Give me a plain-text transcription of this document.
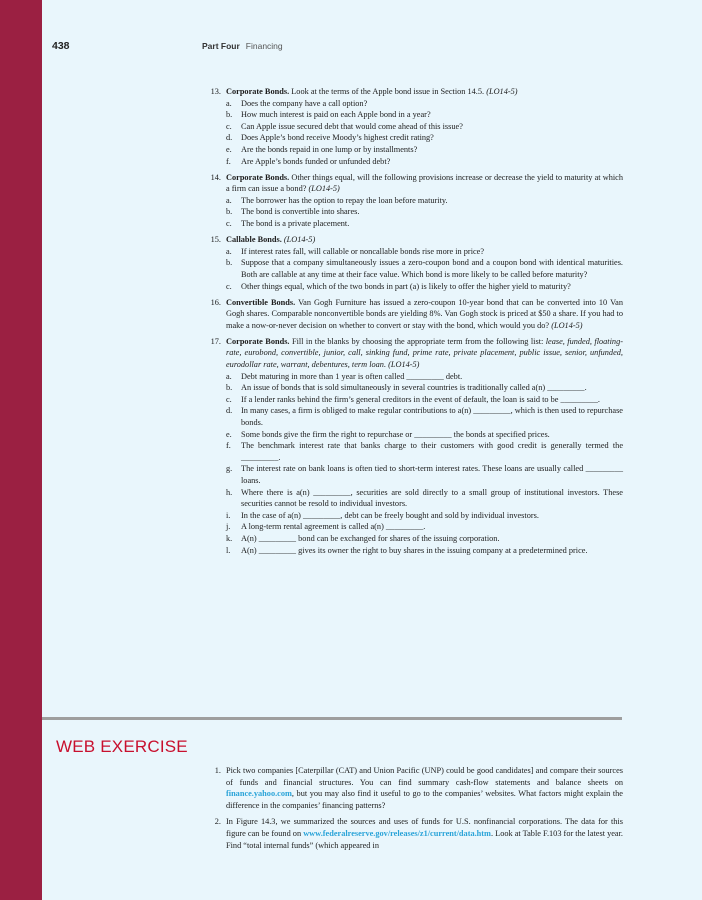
438	Part Four Financing
13. Corporate Bonds. Look at the terms of the Apple bond issue in Section 14.5. (LO14-5)
a. Does the company have a call option?
b. How much interest is paid on each Apple bond in a year?
c. Can Apple issue secured debt that would come ahead of this issue?
d. Does Apple’s bond receive Moody’s highest credit rating?
e. Are the bonds repaid in one lump or by installments?
f. Are Apple’s bonds funded or unfunded debt?
14. Corporate Bonds. Other things equal, will the following provisions increase or decrease the yield to maturity at which a firm can issue a bond? (LO14-5)
a. The borrower has the option to repay the loan before maturity.
b. The bond is convertible into shares.
c. The bond is a private placement.
15. Callable Bonds. (LO14-5)
a. If interest rates fall, will callable or noncallable bonds rise more in price?
b. Suppose that a company simultaneously issues a zero-coupon bond and a coupon bond with identical maturities. Both are callable at any time at their face value. Which bond is more likely to be called before maturity?
c. Other things equal, which of the two bonds in part (a) is likely to offer the higher yield to maturity?
16. Convertible Bonds. Van Gogh Furniture has issued a zero-coupon 10-year bond that can be converted into 10 Van Gogh shares. Comparable nonconvertible bonds are yielding 8%. Van Gogh stock is priced at $50 a share. If you had to make a now-or-never decision on whether to convert or stay with the bond, which would you do? (LO14-5)
17. Corporate Bonds. Fill in the blanks by choosing the appropriate term from the following list: lease, funded, floating-rate, eurobond, convertible, junior, call, sinking fund, prime rate, private placement, public issue, senior, unfunded, eurodollar rate, warrant, debentures, term loan. (LO14-5)
a. Debt maturing in more than 1 year is often called _________ debt.
b. An issue of bonds that is sold simultaneously in several countries is traditionally called a(n) _________.
c. If a lender ranks behind the firm’s general creditors in the event of default, the loan is said to be _________.
d. In many cases, a firm is obliged to make regular contributions to a(n) _________, which is then used to repurchase bonds.
e. Some bonds give the firm the right to repurchase or _________ the bonds at specified prices.
f. The benchmark interest rate that banks charge to their customers with good credit is generally termed the _________.
g. The interest rate on bank loans is often tied to short-term interest rates. These loans are usually called _________ loans.
h. Where there is a(n) _________, securities are sold directly to a small group of institutional investors. These securities cannot be resold to individual investors.
i. In the case of a(n) _________, debt can be freely bought and sold by individual investors.
j. A long-term rental agreement is called a(n) _________.
k. A(n) _________ bond can be exchanged for shares of the issuing corporation.
l. A(n) _________ gives its owner the right to buy shares in the issuing company at a predetermined price.
WEB EXERCISE
1. Pick two companies [Caterpillar (CAT) and Union Pacific (UNP) could be good candidates] and compare their sources of funds and financial structures. You can find summary cash-flow statements and balance sheets on finance.yahoo.com, but you may also find it useful to go to the companies’ websites. What factors might explain the difference in the companies’ financing patterns?
2. In Figure 14.3, we summarized the sources and uses of funds for U.S. nonfinancial corporations. The data for this figure can be found on www.federalreserve.gov/releases/z1/current/data.htm. Look at Table F.103 for the latest year. Find “total internal funds” (which appeared in
